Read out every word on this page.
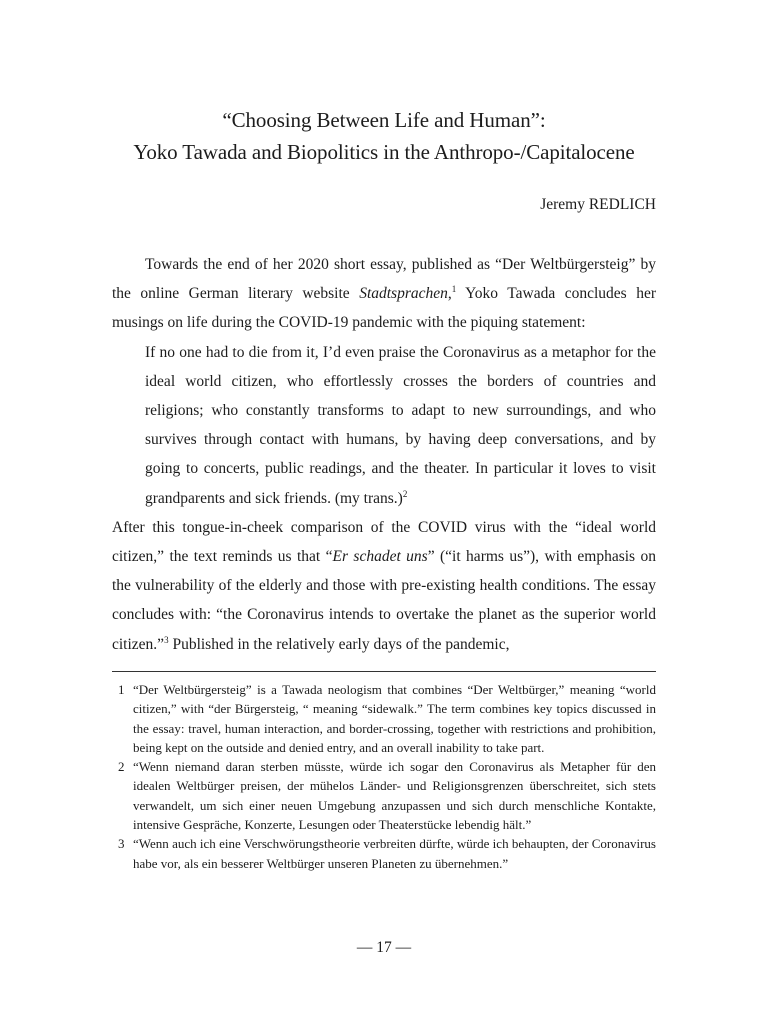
“Choosing Between Life and Human”:
Yoko Tawada and Biopolitics in the Anthropo-/Capitalocene
Jeremy REDLICH

Towards the end of her 2020 short essay, published as “Der Weltbürgersteig” by the online German literary website Stadtsprachen,$^1$ Yoko Tawada concludes her musings on life during the COVID-19 pandemic with the piquing statement:

If no one had to die from it, I’d even praise the Coronavirus as a metaphor for the ideal world citizen, who effortlessly crosses the borders of countries and religions; who constantly transforms to adapt to new surroundings, and who survives through contact with humans, by having deep conversations, and by going to concerts, public readings, and the theater. In particular it loves to visit grandparents and sick friends. (my trans.)$^2$

After this tongue-in-cheek comparison of the COVID virus with the “ideal world citizen,” the text reminds us that “Er schadet uns” (“it harms us”), with emphasis on the vulnerability of the elderly and those with pre-existing health conditions. The essay concludes with: “the Coronavirus intends to overtake the planet as the superior world citizen.”$^3$ Published in the relatively early days of the pandemic,

1 “Der Weltbürgersteig” is a Tawada neologism that combines “Der Weltbürger,” meaning “world citizen,” with “der Bürgersteig, “ meaning “sidewalk.” The term combines key topics discussed in the essay: travel, human interaction, and border-crossing, together with restrictions and prohibition, being kept on the outside and denied entry, and an overall inability to take part.
2 “Wenn niemand daran sterben müsste, würde ich sogar den Coronavirus als Metapher für den idealen Weltbürger preisen, der mühelos Länder- und Religionsgrenzen überschreitet, sich stets verwandelt, um sich einer neuen Umgebung anzupassen und sich durch menschliche Kontakte, intensive Gespräche, Konzerte, Lesungen oder Theaterstücke lebendig hält.”
3 “Wenn auch ich eine Verschwörungstheorie verbreiten dürfte, würde ich behaupten, der Coronavirus habe vor, als ein besserer Weltbürger unseren Planeten zu übernehmen.”
— 17 —
